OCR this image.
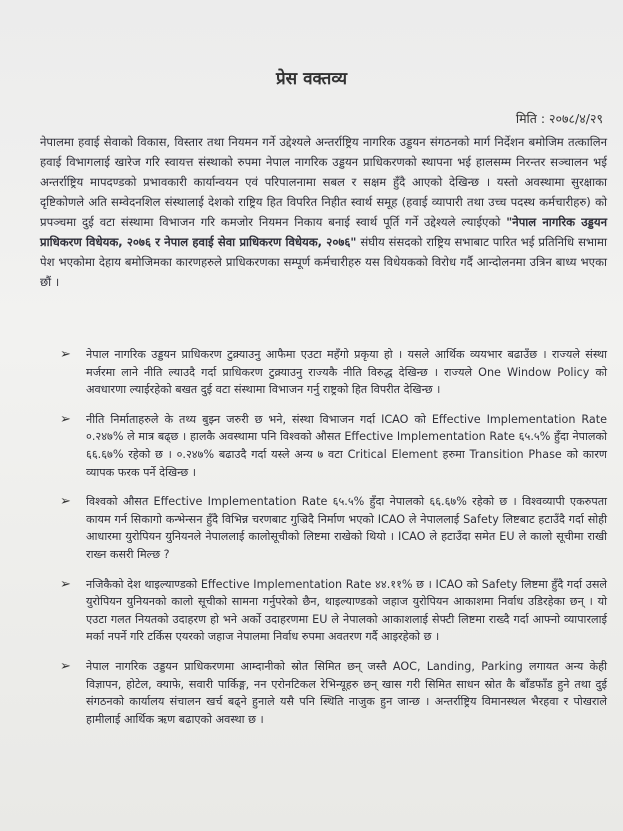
प्रेस वक्तव्य
मिति : २०७८/४/२९
नेपालमा हवाई सेवाको विकास, विस्तार तथा नियमन गर्ने उद्देश्यले अन्तर्राष्ट्रिय नागरिक उड्डयन संगठनको मार्ग निर्देशन बमोजिम तत्कालिन हवाई विभागलाई खारेज गरि स्वायत्त संस्थाको रुपमा नेपाल नागरिक उड्डयन प्राधिकरणको स्थापना भई हालसम्म निरन्तर सञ्चालन भई अन्तर्राष्ट्रिय मापदण्डको प्रभावकारी कार्यान्वयन एवं परिपालनामा सबल र सक्षम हुँदै आएको देखिन्छ । यस्तो अवस्थामा सुरक्षाका दृष्टिकोणले अति सम्वेदनशिल संस्थालाई देशको राष्ट्रिय हित विपरित निहीत स्वार्थ समूह (हवाई व्यापारी तथा उच्च पदस्थ कर्मचारीहरु) को प्रपञ्चमा दुई वटा संस्थामा विभाजन गरि कमजोर नियमन निकाय बनाई स्वार्थ पूर्ति गर्ने उद्देश्यले ल्याईएको "नेपाल नागरिक उड्डयन प्राधिकरण विधेयक, २०७६ र नेपाल हवाई सेवा प्राधिकरण विधेयक, २०७६" संघीय संसदको राष्ट्रिय सभाबाट पारित भई प्रतिनिधि सभामा पेश भएकोमा देहाय बमोजिमका कारणहरुले प्राधिकरणका सम्पूर्ण कर्मचारीहरु यस विधेयकको विरोध गर्दै आन्दोलनमा उत्रिन बाध्य भएका छौं ।
➢	नेपाल नागरिक उड्डयन प्राधिकरण टुक्र्याउनु आफैमा एउटा महँगो प्रकृया हो । यसले आर्थिक व्ययभार बढाउँछ । राज्यले संस्था मर्जरमा लाने नीति ल्याउदै गर्दा प्राधिकरण टुक्र्याउनु राज्यकै नीति विरुद्ध देखिन्छ । राज्यले One Window Policy को अवधारणा ल्याईरहेको बखत दुई वटा संस्थामा विभाजन गर्नु राष्ट्रको हित विपरीत देखिन्छ ।
➢	नीति निर्माताहरुले के तथ्य बुझ्न जरुरी छ भने, संस्था विभाजन गर्दा ICAO को Effective Implementation Rate ०.२४७% ले मात्र बढ्छ । हालकै अवस्थामा पनि विश्वको औसत Effective Implementation Rate ६५.५% हुँदा नेपालको ६६.६७% रहेको छ । ०.२४७% बढाउदै गर्दा यस्ले अन्य ७ वटा Critical Element हरुमा Transition Phase को कारण व्यापक फरक पर्ने देखिन्छ ।
➢	विश्वको औसत Effective Implementation Rate ६५.५% हुँदा नेपालको ६६.६७% रहेको छ । विश्वव्यापी एकरुपता कायम गर्न सिकागो कन्भेन्सन हुँदै विभिन्न चरणबाट गुज्रिदै निर्माण भएको ICAO ले नेपाललाई Safety लिष्टबाट हटाउँदै गर्दा सोही आधारमा युरोपियन युनियनले नेपाललाई कालोसूचीको लिष्टमा राखेको थियो । ICAO ले हटाउँदा समेत EU ले कालो सूचीमा राखी राख्न कसरी मिल्छ ?
➢	नजिकैको देश थाइल्याण्डको Effective Implementation Rate ४४.११% छ । ICAO को Safety लिष्टमा हुँदै गर्दा उसले युरोपियन युनियनको कालो सूचीको सामना गर्नुपरेको छैन, थाइल्याण्डको जहाज युरोपियन आकाशमा निर्वाध उडिरहेका छन् । यो एउटा गलत नियतको उदाहरण हो भने अर्को उदाहरणमा EU ले नेपालको आकाशलाई सेफ्टी लिष्टमा राख्दै गर्दा आफ्नो व्यापारलाई मर्का नपर्ने गरि टर्किस एयरको जहाज नेपालमा निर्वाध रुपमा अवतरण गर्दै आइरहेको छ ।
➢	नेपाल नागरिक उड्डयन प्राधिकरणमा आम्दानीको स्रोत सिमित छन् जस्तै AOC, Landing, Parking लगायत अन्य केही विज्ञापन, होटेल, क्याफे, सवारी पार्किङ्ग, नन एरोनटिकल रेभिन्यूहरु छन् खास गरी सिमित साधन स्रोत कै बाँडफाँड हुने तथा दुई संगठनको कार्यालय संचालन खर्च बढ्ने हुनाले यसै पनि स्थिति नाजुक हुन जान्छ । अन्तर्राष्ट्रिय विमानस्थल भैरहवा र पोखराले हामीलाई आर्थिक ऋण बढाएको अवस्था छ ।
